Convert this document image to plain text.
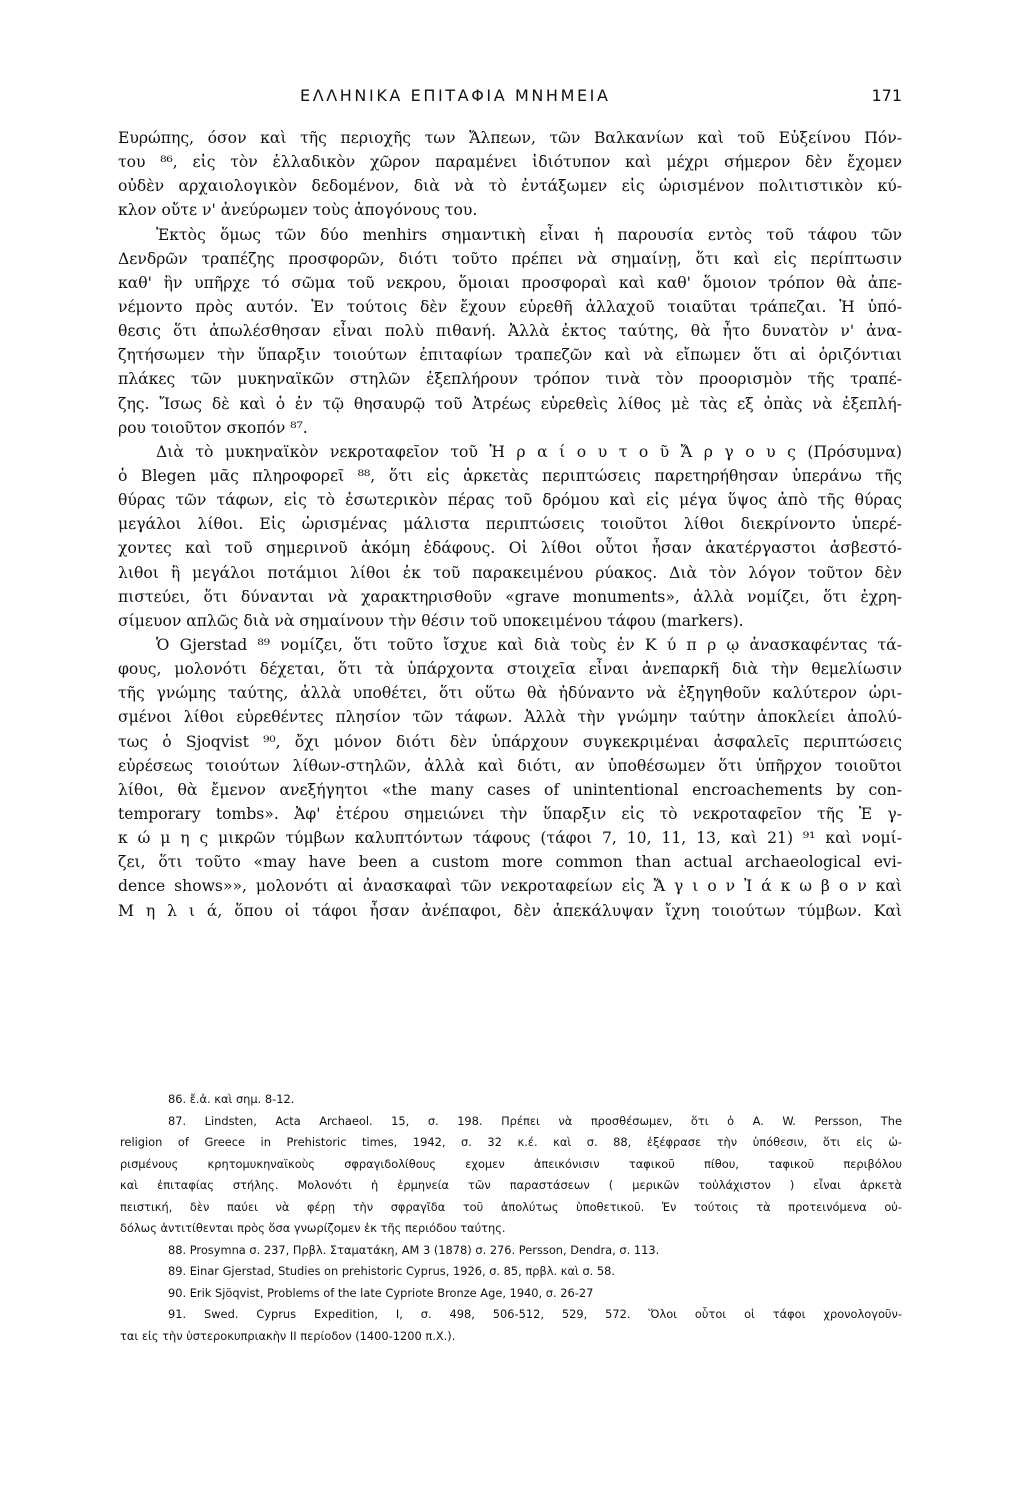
ΕΛΛΗΝΙΚΑ ΕΠΙΤΑΦΙΑ ΜΝΗΜΕΙΑ	171
Ευρώπης, όσον καὶ τῆς περιοχῆς των Ἄλπεων, τῶν Βαλκανίων καὶ τοῦ Εὐξείνου Πόν-
του ⁸⁶, εἰς τὸν ἑλλαδικὸν χῶρον παραμένει ἰδιότυπον καὶ μέχρι σήμερον δὲν ἔχομεν
οὐδὲν αρχαιολογικὸν δεδομένον, διὰ νὰ τὸ ἐντάξωμεν εἰς ὡρισμένον πολιτιστικὸν κύ-
κλον οὔτε ν' ἀνεύρωμεν τοὺς ἀπογόνους του.
Ἐκτὸς ὅμως τῶν δύο menhirs σημαντικὴ εἶναι ἡ παρουσία εντὸς τοῦ τάφου τῶν
Δενδρῶν τραπέζης προσφορῶν, διότι τοῦτο πρέπει νὰ σημαίνῃ, ὅτι καὶ εἰς περίπτωσιν
καθ' ἣν υπῆρχε τό σῶμα τοῦ νεκρου, ὅμοιαι προσφοραὶ καὶ καθ' ὅμοιον τρόπον θὰ ἀπε-
νέμοντο πρὸς αυτόν. Ἐν τούτοις δὲν ἔχουν εὑρεθῆ ἀλλαχοῦ τοιαῦται τράπεζαι. Ἡ ὑπό-
θεσις ὅτι ἀπωλέσθησαν εἶναι πολὺ πιθανή. Ἀλλὰ ἐκτος ταύτης, θὰ ἦτο δυνατὸν ν' ἀνα-
ζητήσωμεν τὴν ὕπαρξιν τοιούτων ἐπιταφίων τραπεζῶν καὶ νὰ εἴπωμεν ὅτι αἱ ὁριζόντιαι
πλάκες τῶν μυκηναϊκῶν στηλῶν ἐξεπλήρουν τρόπον τινὰ τὸν προορισμὸν τῆς τραπέ-
ζης. Ἴσως δὲ καὶ ὁ ἐν τῷ θησαυρῷ τοῦ Ἀτρέως εὑρεθεὶς λίθος μὲ τὰς εξ ὀπὰς νὰ ἐξεπλή-
ρου τοιοῦτον σκοπόν ⁸⁷.
Διὰ τὸ μυκηναϊκὸν νεκροταφεῖον τοῦ Ἡ ρ α ί ο υ τ ο ῦ Ἄ ρ γ ο υ ς (Πρόσυμνα)
ὁ Blegen μᾶς πληροφορεῖ ⁸⁸, ὅτι εἰς ἀρκετὰς περιπτώσεις παρετηρήθησαν ὑπεράνω τῆς
θύρας τῶν τάφων, εἰς τὸ ἐσωτερικὸν πέρας τοῦ δρόμου καὶ εἰς μέγα ὕψος ἀπὸ τῆς θύρας
μεγάλοι λίθοι. Εἰς ὡρισμένας μάλιστα περιπτώσεις τοιοῦτοι λίθοι διεκρίνοντο ὑπερέ-
χοντες καὶ τοῦ σημερινοῦ ἀκόμη ἐδάφους. Οἱ λίθοι οὗτοι ἦσαν ἀκατέργαστοι ἀσβεστό-
λιθοι ἢ μεγάλοι ποτάμιοι λίθοι ἐκ τοῦ παρακειμένου ρύακος. Διὰ τὸν λόγον τοῦτον δὲν
πιστεύει, ὅτι δύνανται νὰ χαρακτηρισθοῦν «grave monuments», ἀλλὰ νομίζει, ὅτι ἐχρη-
σίμευον απλῶς διὰ νὰ σημαίνουν τὴν θέσιν τοῦ υποκειμένου τάφου (markers).
Ὁ Gjerstad ⁸⁹ νομίζει, ὅτι τοῦτο ἴσχυε καὶ διὰ τοὺς ἐν Κ ύ π ρ ῳ ἀνασκαφέντας τά-
φους, μολονότι δέχεται, ὅτι τὰ ὑπάρχοντα στοιχεῖα εἶναι ἀνεπαρκῆ διὰ τὴν θεμελίωσιν
τῆς γνώμης ταύτης, ἀλλὰ υποθέτει, ὅτι οὕτω θὰ ἠδύναντο νὰ ἐξηγηθοῦν καλύτερον ὡρι-
σμένοι λίθοι εὑρεθέντες πλησίον τῶν τάφων. Ἀλλὰ τὴν γνώμην ταύτην ἀποκλείει ἀπολύ-
τως ὁ Sjoqvist ⁹⁰, ὄχι μόνον διότι δὲν ὑπάρχουν συγκεκριμέναι ἀσφαλεῖς περιπτώσεις
εὑρέσεως τοιούτων λίθων-στηλῶν, ἀλλὰ καὶ διότι, αν ὑποθέσωμεν ὅτι ὑπῆρχον τοιοῦτοι
λίθοι, θὰ ἔμενον ανεξήγητοι «the many cases of unintentional encroachements by con-
temporary tombs». Ἀφ' ἑτέρου σημειώνει τὴν ὕπαρξιν εἰς τὸ νεκροταφεῖον τῆς Ἐ γ-
κ ώ μ η ς μικρῶν τύμβων καλυπτόντων τάφους (τάφοι 7, 10, 11, 13, καὶ 21) ⁹¹ καὶ νομί-
ζει, ὅτι τοῦτο «may have been a custom more common than actual archaeological evi-
dence shows»», μολονότι αἱ ἀνασκαφαὶ τῶν νεκροταφείων εἰς Ἄ γ ι ο ν Ἰ ά κ ω β ο ν καὶ
Μ η λ ι ά, ὅπου οἱ τάφοι ἦσαν ἀνέπαφοι, δὲν ἀπεκάλυψαν ἴχνη τοιούτων τύμβων. Καὶ
86. ἔ.ἀ. καὶ σημ. 8-12.
87. Lindsten, Acta Archaeol. 15, σ. 198. Πρέπει νὰ προσθέσωμεν, ὅτι ὁ A. W. Persson, The
religion of Greece in Prehistoric times, 1942, σ. 32 κ.έ. καὶ σ. 88, ἐξέφρασε τὴν ὑπόθεσιν, ὅτι εἰς ὡ-
ρισμένους κρητομυκηναϊκοὺς σφραγιδολίθους εχομεν ἀπεικόνισιν ταφικοῦ πίθου, ταφικοῦ περιβόλου
καὶ ἐπιταφίας στήλης. Μολονότι ἡ ἑρμηνεία τῶν παραστάσεων ( μερικῶν τοὐλάχιστον ) εἶναι ἀρκετὰ
πειστική, δὲν παύει νὰ φέρῃ τὴν σφραγῖδα τοῦ ἀπολύτως ὑποθετικοῦ. Ἐν τούτοις τὰ προτεινόμενα οὐ-
δόλως ἀντιτίθενται πρὸς ὅσα γνωρίζομεν ἐκ τῆς περιόδου ταύτης.
88. Prosymna σ. 237, Πρβλ. Σταματάκη, ΑΜ 3 (1878) σ. 276. Persson, Dendra, σ. 113.
89. Einar Gjerstad, Studies on prehistoric Cyprus, 1926, σ. 85, πρβλ. καὶ σ. 58.
90. Erik Sjöqvist, Problems of the late Cypriote Bronze Age, 1940, σ. 26-27
91. Swed. Cyprus Expedition, I, σ. 498, 506-512, 529, 572. Ὅλοι οὗτοι οἱ τάφοι χρονολογοῦν-
ται εἰς τὴν ὑστεροκυπριακὴν ΙΙ περίοδον (1400-1200 π.Χ.).
